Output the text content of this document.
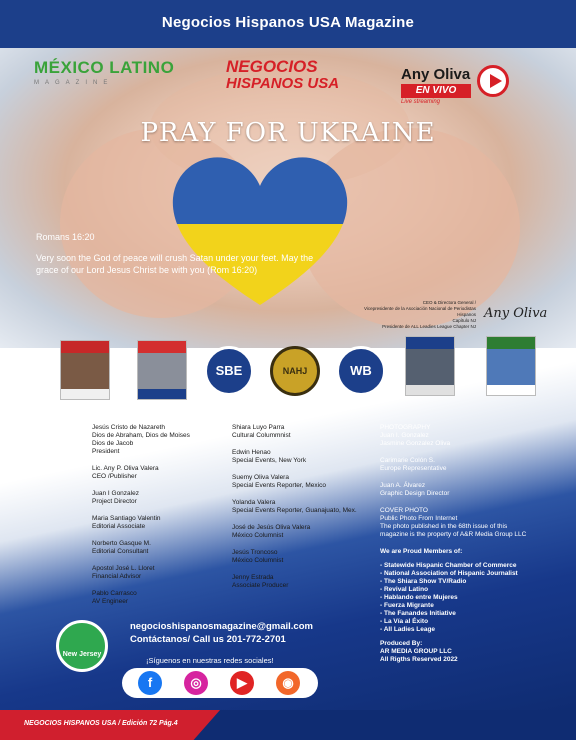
Negocios Hispanos USA Magazine
MÉXICO LATINO
MAGAZINE
NEGOCIOS
HISPANOS USA
Any Oliva
EN VIVO
Live streaming
PRAY FOR UKRAINE
Romans 16:20
Very soon the God of peace will crush Satan under your feet. May the grace of our Lord Jesus Christ be with you (Rom 16:20)
CEO & Directora General /
Vicepresidente de la Asociación Nacional de Periodistas Hispanos
Capítulo NJ
Presidente de ALL Leadies League Chapter NJ
Any Oliva
SBE	NAHJ	WB
Jesús Cristo de Nazareth
Dios de Abraham, Dios de Moises
Dios de Jacob
President
Lic. Any P. Oliva Valera
CEO /Publisher
Juan I Gonzalez
Project Director
Maria Santiago Valentin
Editorial Associate
Norberto Gasque M.
Editorial Consultant
Apostol José L. Lloret
Financial Advisor
Pablo Carrasco
AV Engineer
Shiara Luyo Parra
Cultural Colummnist
Edwin Henao
Special Events, New York
Suemy Oliva Valera
Special Events Reporter, Mexico
Yolanda Valera
Special Events Reporter, Guanajuato, Mex.
José de Jesús Oliva Valera
México Columnist
Jesús Troncoso
México Columnist
Jenny Estrada
Associate Producer
PHOTOGRAPHY
Juan I. Gonzalez
Jasmine Gonzalez Oliva
Carimarie Colón S.
Europe Representative
Juan A. Álvarez
Graphic Design Director
COVER PHOTO
Public Photo From Internet
The photo published in the 68th issue of this
magazine is the property of A&R Media Group LLC
We are Proud Members of:
- Statewide Hispanic Chamber of Commerce
- National Association of Hispanic Journalist
- The Shiara Show TV/Radio
- Revival Latino
- Hablando entre Mujeres
- Fuerza Migrante
- The Fanandes Initiative
- La Vía al Éxito
- All Ladies Leage
Produced By:
AR MEDIA GROUP LLC
All Rigths Reserved 2022
New Jersey
negocioshispanosmagazine@gmail.com
Contáctanos/ Call us 201-772-2701
¡Síguenos en nuestras redes sociales!
f	◎	▶	◉
NEGOCIOS HISPANOS USA / Edición 72 Pág.4
